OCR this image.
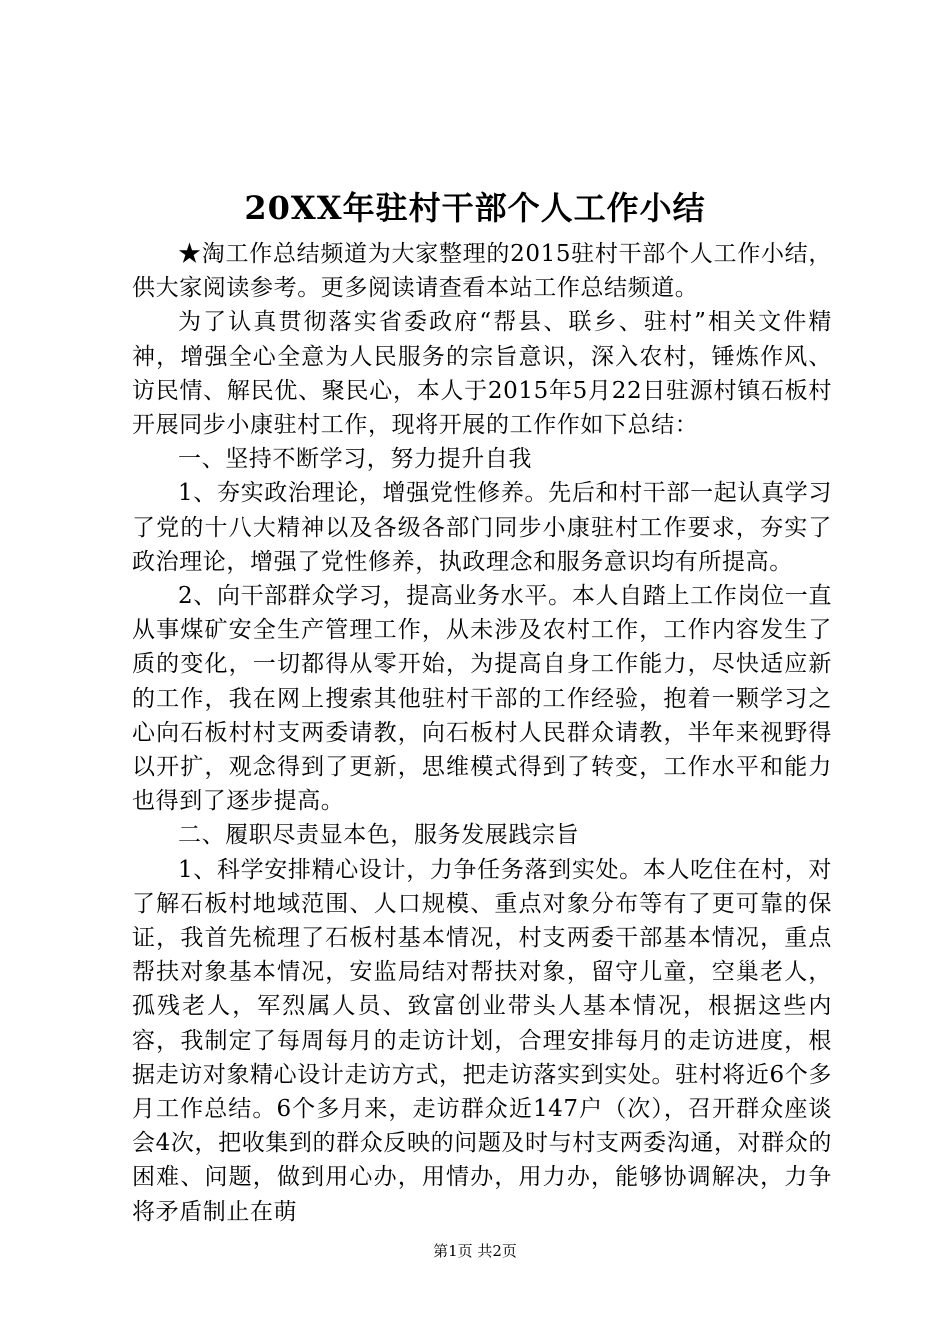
20XX年驻村干部个人工作小结

★淘工作总结频道为大家整理的2015驻村干部个人工作小结，供大家阅读参考。更多阅读请查看本站工作总结频道。

为了认真贯彻落实省委政府“帮县、联乡、驻村”相关文件精神，增强全心全意为人民服务的宗旨意识，深入农村，锤炼作风、访民情、解民优、聚民心，本人于2015年5月22日驻源村镇石板村开展同步小康驻村工作，现将开展的工作作如下总结：

一、坚持不断学习，努力提升自我

1、夯实政治理论，增强党性修养。先后和村干部一起认真学习了党的十八大精神以及各级各部门同步小康驻村工作要求，夯实了政治理论，增强了党性修养，执政理念和服务意识均有所提高。

2、向干部群众学习，提高业务水平。本人自踏上工作岗位一直从事煤矿安全生产管理工作，从未涉及农村工作，工作内容发生了质的变化，一切都得从零开始，为提高自身工作能力，尽快适应新的工作，我在网上搜索其他驻村干部的工作经验，抱着一颗学习之心向石板村村支两委请教，向石板村人民群众请教，半年来视野得以开扩，观念得到了更新，思维模式得到了转变，工作水平和能力也得到了逐步提高。

二、履职尽责显本色，服务发展践宗旨

1、科学安排精心设计，力争任务落到实处。本人吃住在村，对了解石板村地域范围、人口规模、重点对象分布等有了更可靠的保证，我首先梳理了石板村基本情况，村支两委干部基本情况，重点帮扶对象基本情况，安监局结对帮扶对象，留守儿童，空巢老人，孤残老人，军烈属人员、致富创业带头人基本情况，根据这些内容，我制定了每周每月的走访计划，合理安排每月的走访进度，根据走访对象精心设计走访方式，把走访落实到实处。驻村将近6个多月工作总结。6个多月来，走访群众近147户（次），召开群众座谈会4次，把收集到的群众反映的问题及时与村支两委沟通，对群众的困难、问题，做到用心办，用情办，用力办，能够协调解决，力争将矛盾制止在萌

第1页 共2页
